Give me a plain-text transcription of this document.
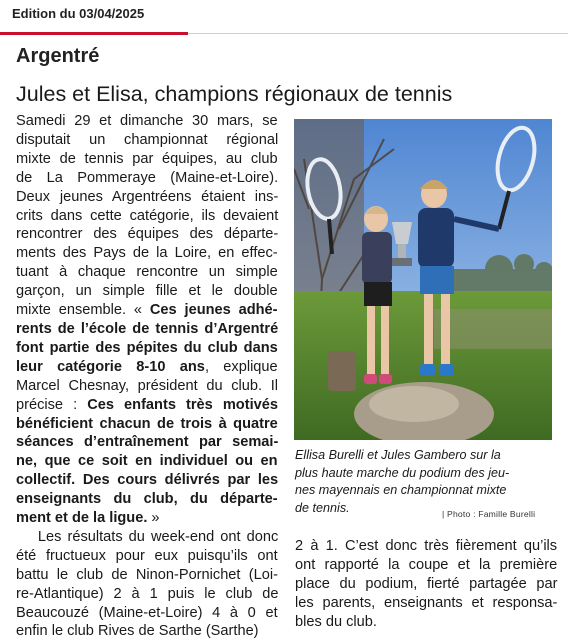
Edition du 03/04/2025
Argentré
Jules et Elisa, champions régionaux de tennis
Samedi 29 et dimanche 30 mars, se
disputait un championnat régional
mixte de tennis par équipes, au club
de La Pommeraye (Maine-et-Loire).
Deux jeunes Argentréens étaient ins-
crits dans cette catégorie, ils devaient
rencontrer des équipes des départe-
ments des Pays de la Loire, en effec-
tuant à chaque rencontre un simple
garçon, un simple fille et le double
mixte ensemble. « Ces jeunes adhé-
rents de l’école de tennis d’Argentré
font partie des pépites du club dans
leur catégorie 8-10 ans, explique
Marcel Chesnay, président du club. Il
précise : Ces enfants très motivés
bénéficient chacun de trois à quatre
séances d’entraînement par semai-
ne, que ce soit en individuel ou en
collectif. Des cours délivrés par les
enseignants du club, du départe-
ment et de la ligue. »
  Les résultats du week-end ont donc
été fructueux pour eux puisqu’ils ont
battu le club de Ninon-Pornichet (Loi-
re-Atlantique) 2 à 1 puis le club de
Beaucouzé (Maine-et-Loire) 4 à 0 et
enfin le club Rives de Sarthe (Sarthe)
Ellisa Burelli et Jules Gambero sur la
plus haute marche du podium des jeu-
nes mayennais en championnat mixte
de tennis.	| Photo : Famille Burelli
2 à 1. C’est donc très fièrement qu’ils
ont rapporté la coupe et la première
place du podium, fierté partagée par
les parents, enseignants et responsa-
bles du club.
